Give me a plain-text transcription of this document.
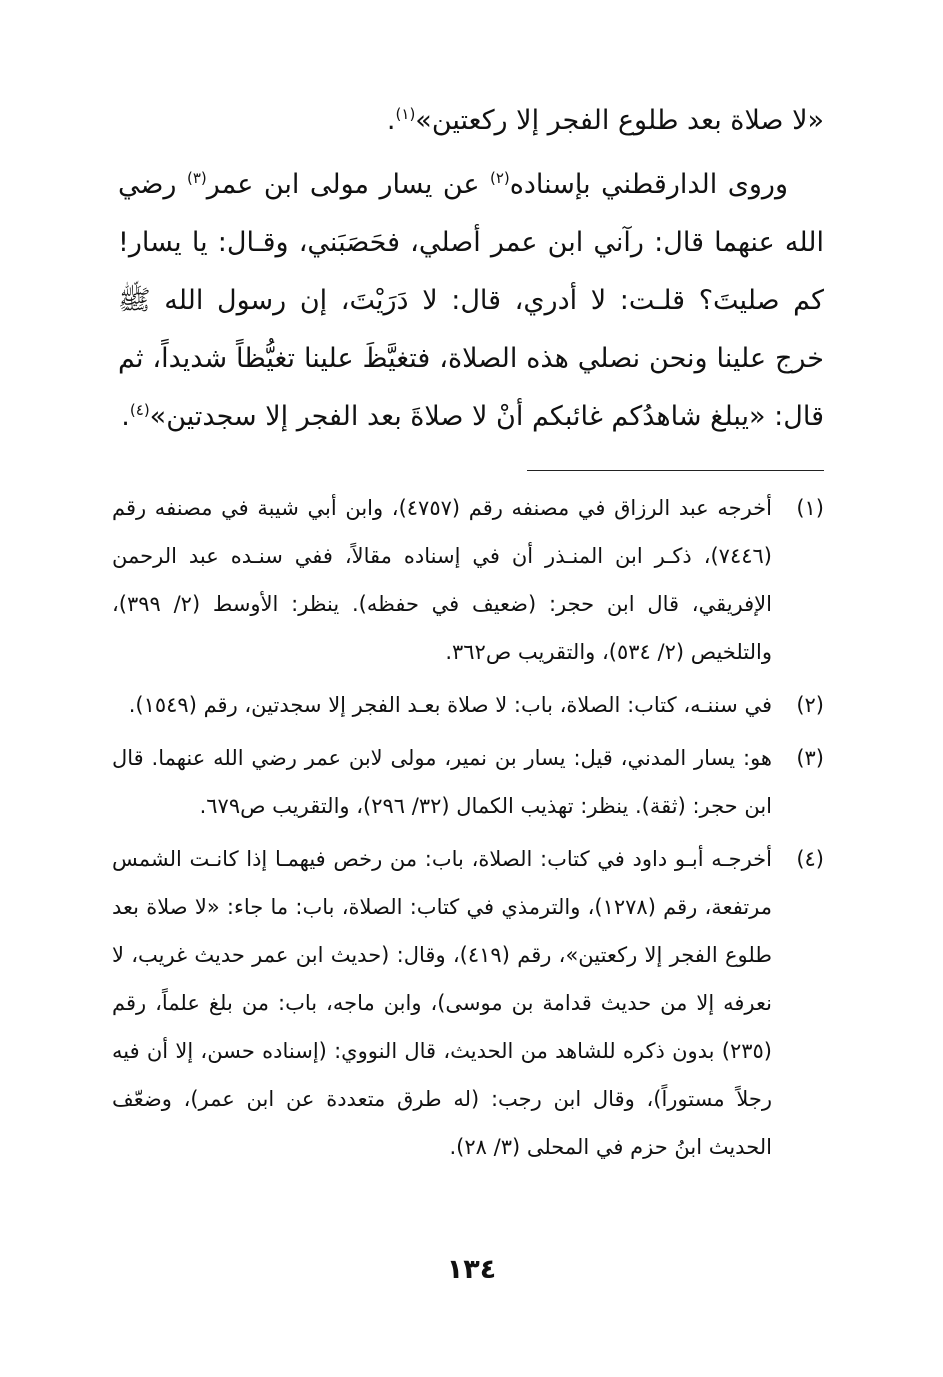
«لا صلاة بعد طلوع الفجر إلا ركعتين»$^{(١)}$.

وروى الدارقطني بإسناده$^{(٢)}$ عن يسار مولى ابن عمر$^{(٣)}$ رضي الله عنهما قال: رآني ابن عمر أصلي، فحَصَبَني، وقـال: يا يسار! كم صليتَ؟ قلـت: لا أدري، قال: لا دَرَيْتَ، إن رسول الله ﷺ خرج علينا ونحن نصلي هذه الصلاة، فتغيَّظَ علينا تغيُّظاً شديداً، ثم قال: «يبلغ شاهدُكم غائبكم أنْ لا صلاةَ بعد الفجر إلا سجدتين»$^{(٤)}$.

(١)
أخرجه عبد الرزاق في مصنفه رقم (٤٧٥٧)، وابن أبي شيبة في مصنفه رقم (٧٤٤٦)، ذكـر ابن المنـذر أن في إسناده مقالاً، ففي سنـده عبد الرحمن الإفريقي، قال ابن حجر: (ضعيف في حفظه). ينظر: الأوسط (٢/ ٣٩٩)، والتلخيص (٢/ ٥٣٤)، والتقريب ص٣٦٢.
(٢)
في سننـه، كتاب: الصلاة، باب: لا صلاة بعـد الفجر إلا سجدتين، رقم (١٥٤٩).
(٣)
هو: يسار المدني، قيل: يسار بن نمير، مولى لابن عمر رضي الله عنهما. قال ابن حجر: (ثقة). ينظر: تهذيب الكمال (٣٢/ ٢٩٦)، والتقريب ص٦٧٩.
(٤)
أخرجـه أبـو داود في كتاب: الصلاة، باب: من رخص فيهمـا إذا كانـت الشمس مرتفعة، رقم (١٢٧٨)، والترمذي في كتاب: الصلاة، باب: ما جاء: «لا صلاة بعد طلوع الفجر إلا ركعتين»، رقم (٤١٩)، وقال: (حديث ابن عمر حديث غريب، لا نعرفه إلا من حديث قدامة بن موسى)، وابن ماجه، باب: من بلغ علماً، رقم (٢٣٥) بدون ذكره للشاهد من الحديث، قال النووي: (إسناده حسن، إلا أن فيه رجلاً مستوراً)، وقال ابن رجب: (له طرق متعددة عن ابن عمر)، وضعّف الحديث ابنُ حزم في المحلى (٣/ ٢٨).
١٣٤
